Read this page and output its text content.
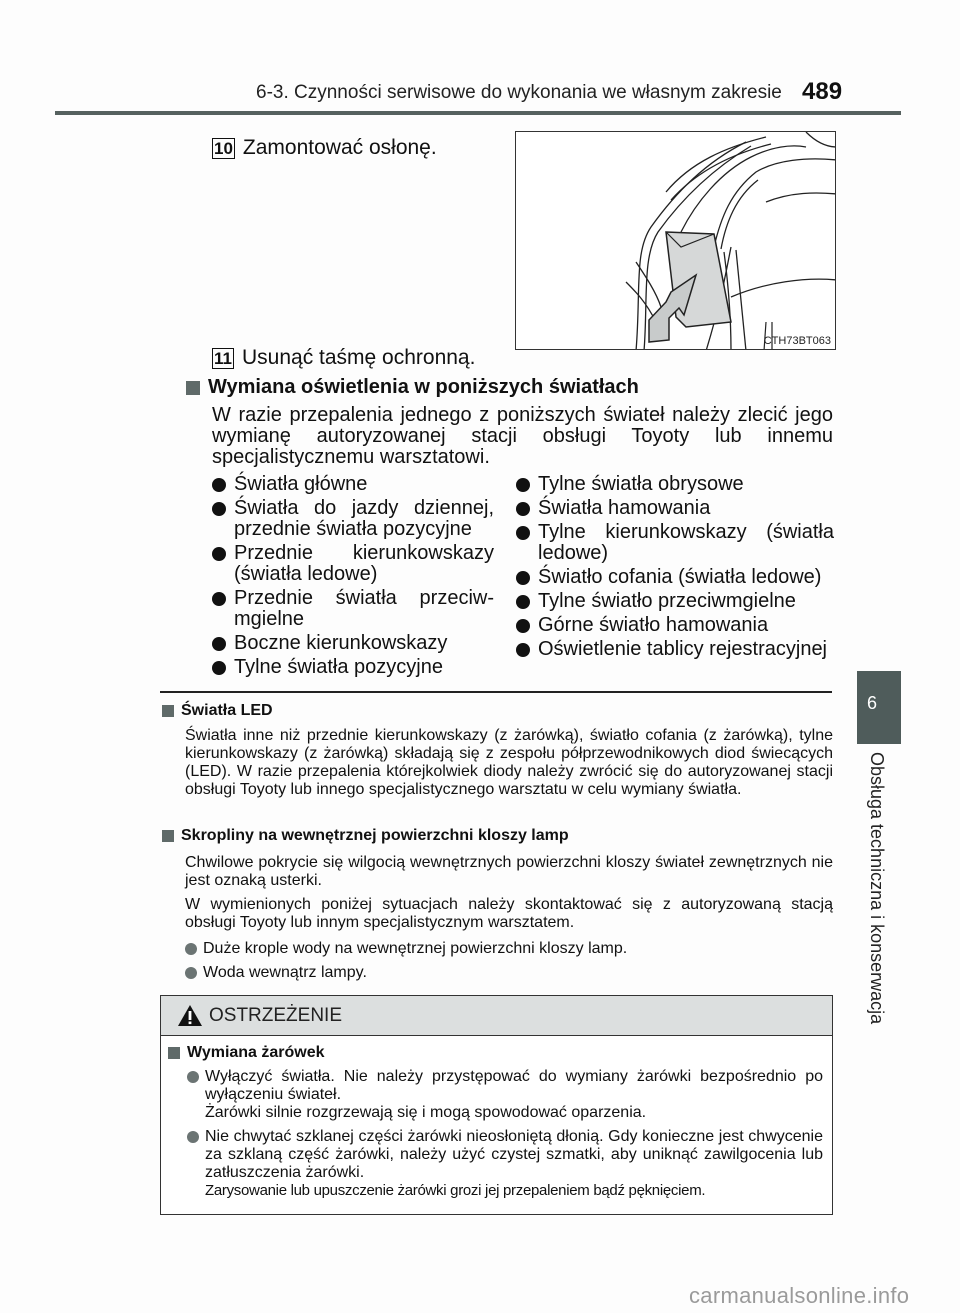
6-3. Czynności serwisowe do wykonania we własnym zakresie 489
6
Obsługa techniczna i konserwacja
10 Zamontować osłonę.
CTH73BT063
11 Usunąć taśmę ochronną.
Wymiana oświetlenia w poniższych światłach
W razie przepalenia jednego z poniższych świateł należy zlecić jego wymianę autoryzowanej stacji obsługi Toyoty lub innemu specjalistycznemu warsztatowi.
Światła główne
Światła do jazdy dziennej, przednie światła pozycyjne
Przednie kierunkowskazy (światła ledowe)
Przednie światła przeciw-mgielne
Boczne kierunkowskazy
Tylne światła pozycyjne
Tylne światła obrysowe
Światła hamowania
Tylne kierunkowskazy (światła ledowe)
Światło cofania (światła ledowe)
Tylne światło przeciwmgielne
Górne światło hamowania
Oświetlenie tablicy rejestracyjnej
Światła LED
Światła inne niż przednie kierunkowskazy (z żarówką), światło cofania (z żarówką), tylne kierunkowskazy (z żarówką) składają się z zespołu półprzewodnikowych diod świecących (LED). W razie przepalenia którejkolwiek diody należy zwrócić się do autoryzowanej stacji obsługi Toyoty lub innego specjalistycznego warsztatu w celu wymiany światła.
Skropliny na wewnętrznej powierzchni kloszy lamp
Chwilowe pokrycie się wilgocią wewnętrznych powierzchni kloszy świateł zewnętrznych nie jest oznaką usterki.
W wymienionych poniżej sytuacjach należy skontaktować się z autoryzowaną stacją obsługi Toyoty lub innym specjalistycznym warsztatem.
Duże krople wody na wewnętrznej powierzchni kloszy lamp.
Woda wewnątrz lampy.
OSTRZEŻENIE
Wymiana żarówek
Wyłączyć światła. Nie należy przystępować do wymiany żarówki bezpośrednio po wyłączeniu świateł.
Żarówki silnie rozgrzewają się i mogą spowodować oparzenia.
Nie chwytać szklanej części żarówki nieosłoniętą dłonią. Gdy konieczne jest chwycenie za szklaną część żarówki, należy użyć czystej szmatki, aby uniknąć zawilgocenia lub zatłuszczenia żarówki.
Zarysowanie lub upuszczenie żarówki grozi jej przepaleniem bądź pęknięciem.
carmanualsonline.info
